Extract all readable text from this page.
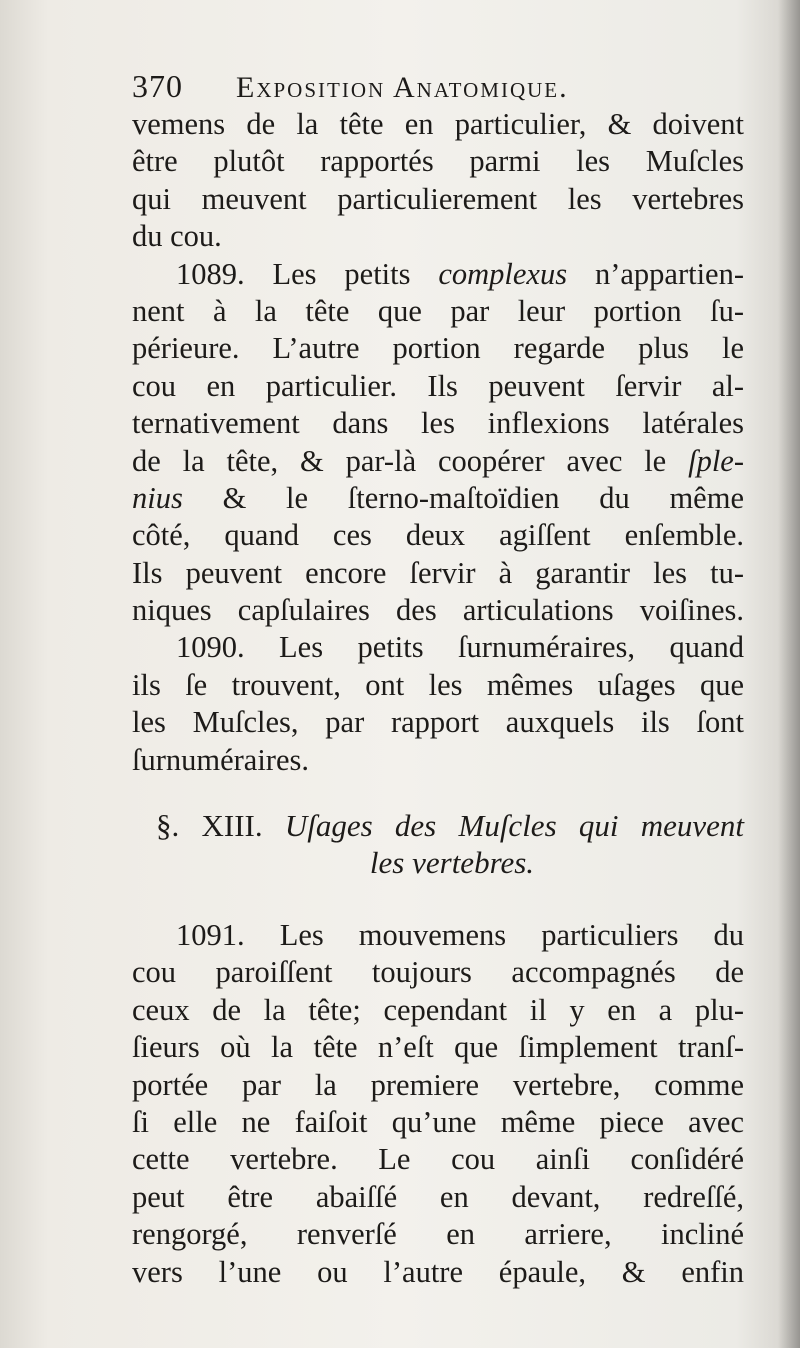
370	Exposition Anatomique.
vemens de la tête en particulier, & doivent
être plutôt rapportés parmi les Muſcles
qui meuvent particulierement les vertebres
du cou.
1089. Les petits complexus n’appartien-
nent à la tête que par leur portion ſu-
périeure. L’autre portion regarde plus le
cou en particulier. Ils peuvent ſervir al-
ternativement dans les inflexions latérales
de la tête, & par-là coopérer avec le ſple-
nius & le ſterno-maſtoïdien du même
côté, quand ces deux agiſſent enſemble.
Ils peuvent encore ſervir à garantir les tu-
niques capſulaires des articulations voiſines.
1090. Les petits ſurnuméraires, quand
ils ſe trouvent, ont les mêmes uſages que
les Muſcles, par rapport auxquels ils ſont
ſurnuméraires.
§. XIII. Uſages des Muſcles qui meuvent
les vertebres.
1091. Les mouvemens particuliers du
cou paroiſſent toujours accompagnés de
ceux de la tête; cependant il y en a plu-
ſieurs où la tête n’eſt que ſimplement tranſ-
portée par la premiere vertebre, comme
ſi elle ne faiſoit qu’une même piece avec
cette vertebre. Le cou ainſi conſidéré
peut être abaiſſé en devant, redreſſé,
rengorgé, renverſé en arriere, incliné
vers l’une ou l’autre épaule, & enfin
